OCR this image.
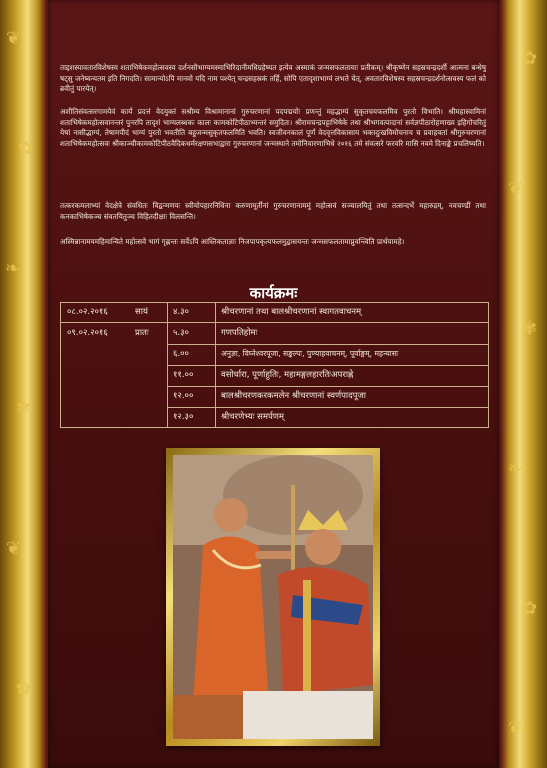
❦
✿
❧
✾
❦
✿
✿
❦
✾
❧
✿
❦

ताद्दशस्यावतारविशेषस्य शताभिषेकमहोत्सवस्य दर्शनसौभाग्यमस्माभिरिदानीमधिग्रहेष्यत इत्येव अस्माकं जन्मसफलतायाः प्रतीकम्। श्रीकृष्णेन सहस्रचन्द्रदर्शी आत्मना बन्धेषु षट्सु जनेष्वन्यतम इति निगदति। सामान्योऽपि मानवो यदि नाम पश्येत् चन्द्रसहस्रकं तर्हि, सोपि एतादृशाभाग्यं लभते चेत्, अवतारविशेषस्य सहस्रचन्द्रदर्शनोत्सवस्य फलं को ब्रवीतुं पारयेत्।

अशीतिसंवत्सरगामयेवं कार्यं प्रदत्तं वेदयुक्तं सश्रीम्य विश्रामानानां गुरुचरणानां पदपद्मयोः प्रणन्तुं महद्भाग्यं सुकृतचयफलमिव पुरतो विभाति। श्रीमहास्वामिनां शताभिषेकमहोत्सवानन्तरं पुनरपि तादृशं भाग्यलब्धकः कालः कामकोटिपीठाभ्यन्तरं समुदितः। श्रीरामचन्द्रपट्टाभिषेके तथा श्रीभगवत्पादानां सर्वज्ञपीठारोहणाख्य इहिगोचरितुं येषां नासीद्भाग्यं, तेषामपीदं भाग्यं पुरतो भवतीति बहुजन्मसुकृतफलमिति भवति। स्वजीवनकालं पूर्णं वेदवृत्तविकासाय भक्तदुःखविमोचनाय च प्रवाहवतां श्रीगुरुचरणानां शताभिषेकमहोत्सवः श्रीकाञ्चीकामकोटिपीठवैदिकधर्मरक्षणसभाद्वारा गुरुचरणानां जन्मस्थाने तमोनिवारणाभिधे २०१६ तमे संवत्सरे फरवरि मासि नवमे दिनाङ्के प्रचलिष्यति।

तत्करकमलाभ्यां वेदक्षेत्रे संवधितः विद्वन्मणयः स्वीयोपहारनिधिना करुणामूर्तीनां गुरुचरणानाममुं महोत्सवं सञ्चालयितुं तथा तत्सन्दर्भे महारुद्रम्, नवचण्डीं तथा कनकाभिषेकञ्च संवतयितुञ्च विहितदीक्षाः विलसन्ति।

अस्मिन्नानामयमहिमान्विते महोत्सवे भागं गृह्णन्तः सर्वेऽपि आस्तिकताज्ञाः निजपापकृत्यफलमुद्वासयन्तः जन्मसफलतामाप्नुवन्त्विति प्रार्थयामहे।

कार्यक्रमः
०८.०२.२०१६	सायं	४.३०	श्रीचरणानां तथा बालश्रीचरणानां स्वागतवाचनम्
०९.०२.२०१६	प्रातः	५.३०	गणपतिहोमः
६.००	अनुज्ञा, विघ्नेश्वरपूजा, सङ्कल्पः, पुण्याहवाचनम्, पूर्वाङ्गम्, महन्यासः
११.००	वसोर्धारा, पूर्णाहुतिः, महामङ्गलहारतिःअपराह्णे
१२.००	बालश्रीचरणकरकमलेन श्रीचरणानां स्वर्णपादपूजा
१२.३०	श्रीचरणेभ्यः समर्पणम्
